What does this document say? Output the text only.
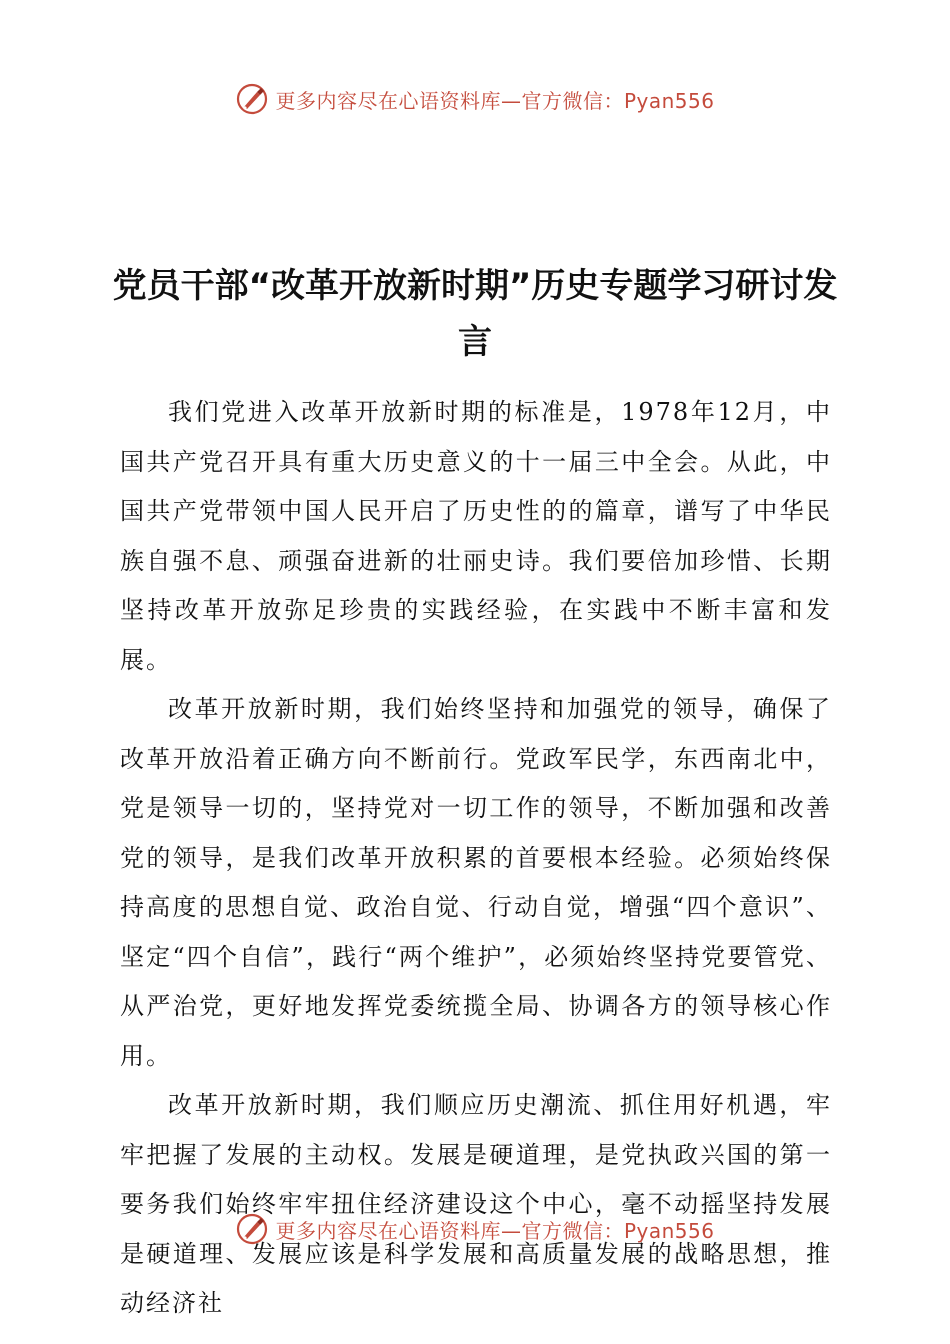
更多内容尽在心语资料库—官方微信：Pyan556
党员干部“改革开放新时期”历史专题学习研讨发言

我们党进入改革开放新时期的标准是，1978年12月，中国共产党召开具有重大历史意义的十一届三中全会。从此，中国共产党带领中国人民开启了历史性的的篇章，谱写了中华民族自强不息、顽强奋进新的壮丽史诗。我们要倍加珍惜、长期坚持改革开放弥足珍贵的实践经验，在实践中不断丰富和发展。

改革开放新时期，我们始终坚持和加强党的领导，确保了改革开放沿着正确方向不断前行。党政军民学，东西南北中，党是领导一切的，坚持党对一切工作的领导，不断加强和改善党的领导，是我们改革开放积累的首要根本经验。必须始终保持高度的思想自觉、政治自觉、行动自觉，增强“四个意识”、坚定“四个自信”，践行“两个维护”，必须始终坚持党要管党、从严治党，更好地发挥党委统揽全局、协调各方的领导核心作用。

改革开放新时期，我们顺应历史潮流、抓住用好机遇，牢牢把握了发展的主动权。发展是硬道理，是党执政兴国的第一要务我们始终牢牢扭住经济建设这个中心，毫不动摇坚持发展是硬道理、发展应该是科学发展和高质量发展的战略思想，推动经济社

更多内容尽在心语资料库—官方微信：Pyan556
